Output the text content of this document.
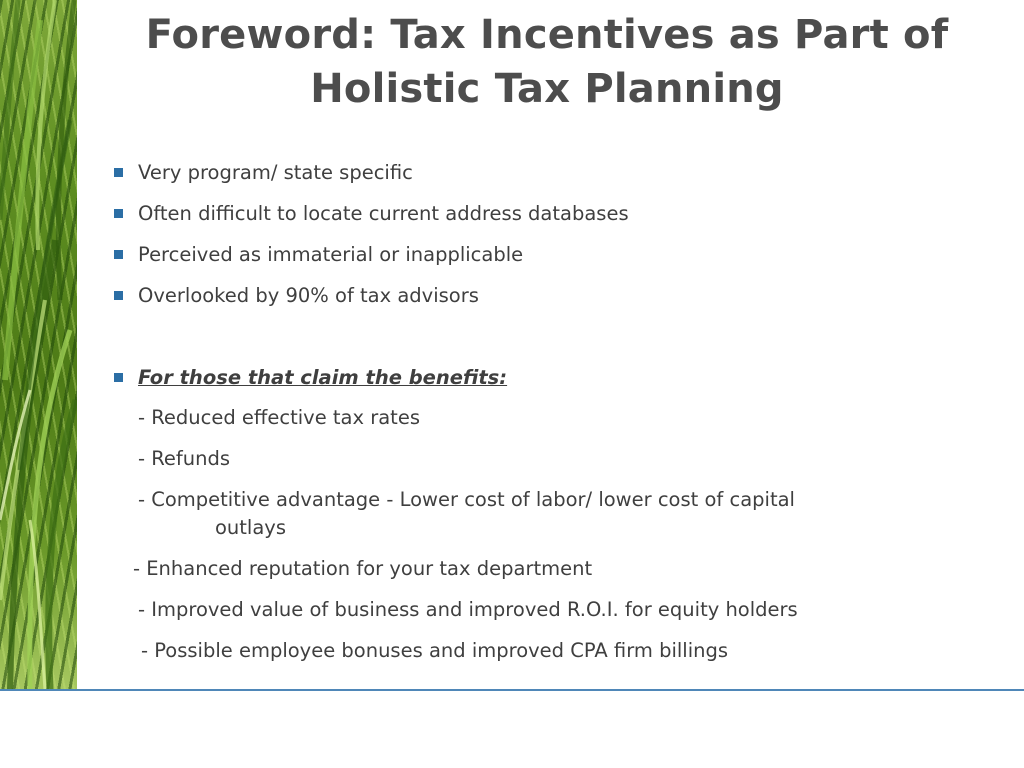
Foreword: Tax Incentives as Part of
Holistic Tax Planning
Very program/ state specific
Often difficult to locate current address databases
Perceived as immaterial or inapplicable
Overlooked by 90% of tax advisors
For those that claim the benefits:
- Reduced effective tax rates
- Refunds
- Competitive advantage - Lower cost of labor/ lower cost of capital
outlays
- Enhanced reputation for your tax department
- Improved value of business and improved R.O.I. for equity holders
- Possible employee bonuses and improved CPA firm billings
